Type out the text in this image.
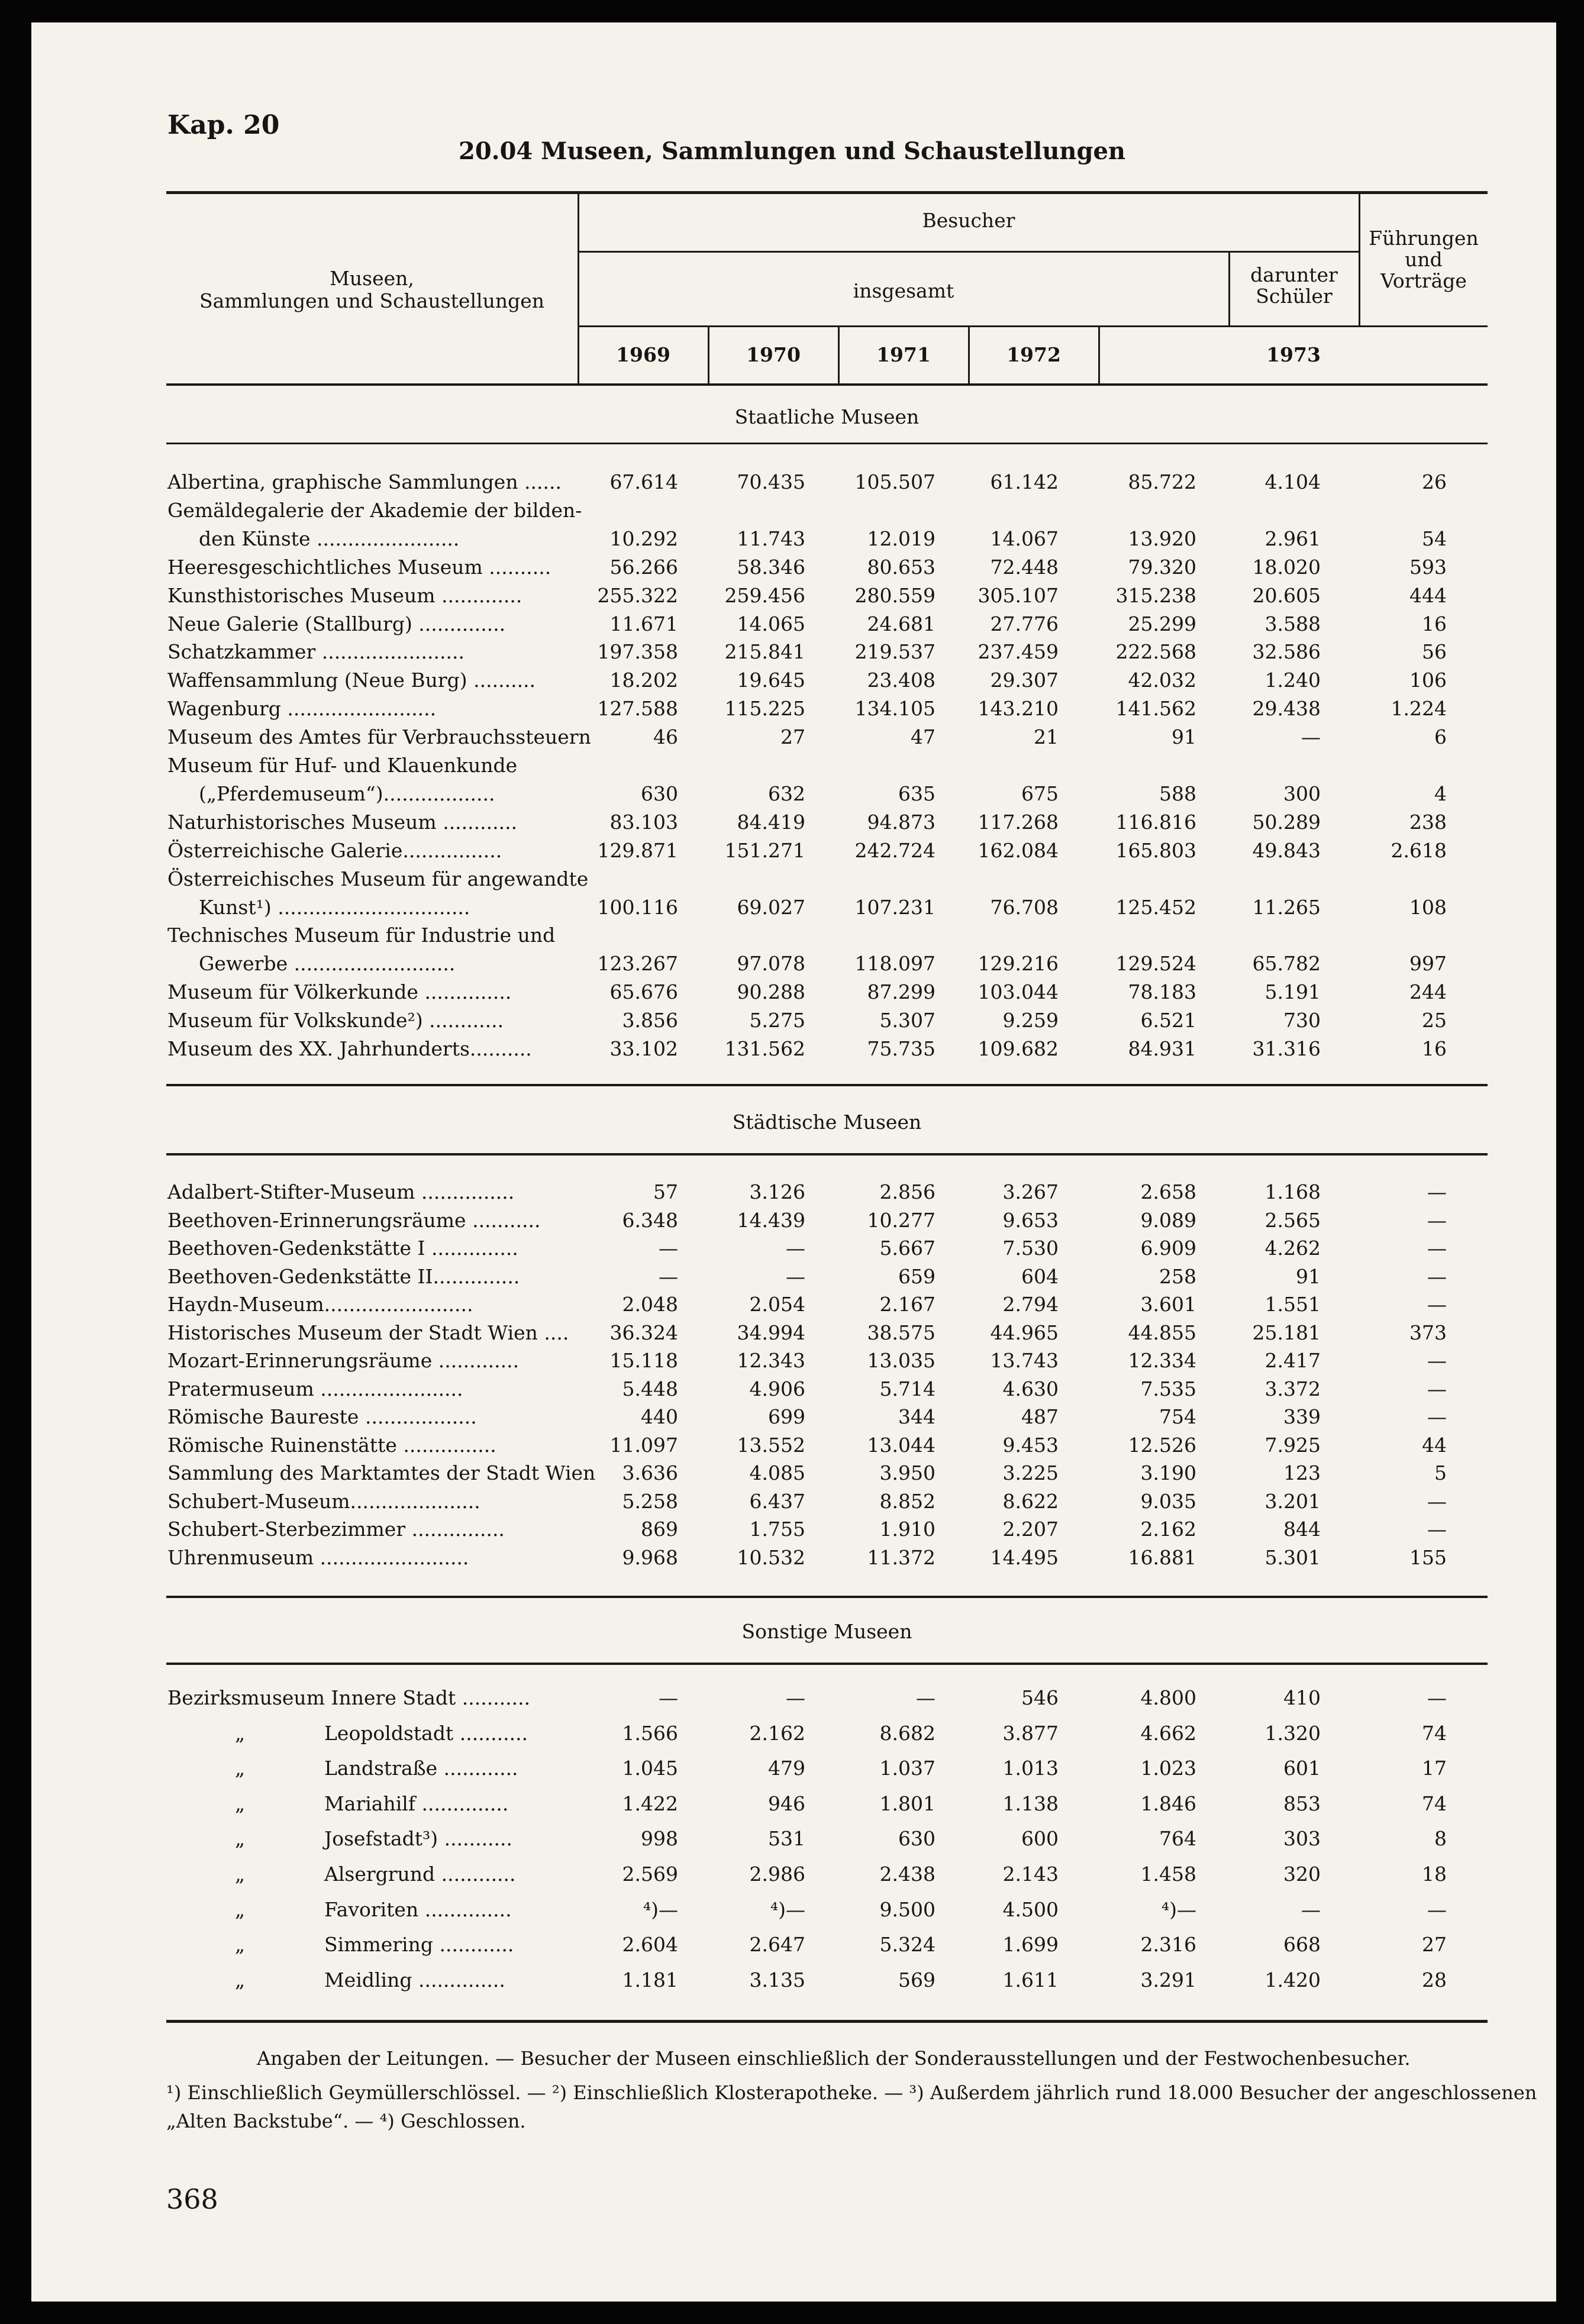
Kap. 20
20.04 Museen, Sammlungen und Schaustellungen
Museen,
Sammlungen und Schaustellungen
Besucher
insgesamt
darunter
Schüler
Führungen
und
Vorträge
1969	1970	1971	1972	1973
Staatliche Museen
Albertina, graphische Sammlungen ...... 67.614	70.435	105.507	61.142	85.722	4.104	26
Gemäldegalerie der Akademie der bilden-
den Künste .......................	10.292	11.743	12.019	14.067	13.920	2.961	54
Heeresgeschichtliches Museum ..........	56.266	58.346	80.653	72.448	79.320	18.020	593
Kunsthistorisches Museum .............	255.322 259.456	280.559 305.107	315.238	20.605	444
Neue Galerie (Stallburg) ..............	11.671	14.065	24.681	27.776	25.299	3.588	16
Schatzkammer .......................	197.358 215.841	219.537 237.459	222.568	32.586	56
Waffensammlung (Neue Burg) ..........	18.202	19.645	23.408	29.307	42.032	1.240	106
Wagenburg ........................	127.588 115.225	134.105 143.210	141.562	29.438	1.224
Museum des Amtes für Verbrauchssteuern	46	27	47	21	91	—	6
Museum für Huf- und Klauenkunde
(„Pferdemuseum“)..................	630	632	635	675	588	300	4
Naturhistorisches Museum ............	83.103	84.419	94.873 117.268	116.816	50.289	238
Österreichische Galerie................	129.871 151.271	242.724 162.084	165.803	49.843	2.618
Österreichisches Museum für angewandte
Kunst¹) ...............................	100.116	69.027	107.231	76.708	125.452	11.265	108
Technisches Museum für Industrie und
Gewerbe ..........................	123.267	97.078	118.097 129.216	129.524	65.782	997
Museum für Völkerkunde ..............	65.676	90.288	87.299 103.044	78.183	5.191	244
Museum für Volkskunde²) ............	3.856	5.275	5.307	9.259	6.521	730	25
Museum des XX. Jahrhunderts..........	33.102 131.562	75.735 109.682	84.931	31.316	16
Städtische Museen
Adalbert-Stifter-Museum ...............	57	3.126	2.856	3.267	2.658	1.168	—
Beethoven-Erinnerungsräume ...........	6.348	14.439	10.277	9.653	9.089	2.565	—
Beethoven-Gedenkstätte I ..............	—	—	5.667	7.530	6.909	4.262	—
Beethoven-Gedenkstätte II..............	—	—	659	604	258	91	—
Haydn-Museum........................	2.048	2.054	2.167	2.794	3.601	1.551	—
Historisches Museum der Stadt Wien .... 36.324	34.994	38.575	44.965	44.855	25.181	373
Mozart-Erinnerungsräume .............	15.118	12.343	13.035	13.743	12.334	2.417	—
Pratermuseum .......................	5.448	4.906	5.714	4.630	7.535	3.372	—
Römische Baureste ..................	440	699	344	487	754	339	—
Römische Ruinenstätte ...............	11.097	13.552	13.044	9.453	12.526	7.925	44
Sammlung des Marktamtes der Stadt Wien 3.636	4.085	3.950	3.225	3.190	123	5
Schubert-Museum.....................	5.258	6.437	8.852	8.622	9.035	3.201	—
Schubert-Sterbezimmer ...............	869	1.755	1.910	2.207	2.162	844	—
Uhrenmuseum ........................	9.968	10.532	11.372	14.495	16.881	5.301	155
Sonstige Museen
Bezirksmuseum Innere Stadt ...........	—	—	—	546	4.800	410	—
„	Leopoldstadt ...........	1.566	2.162	8.682	3.877	4.662	1.320	74
„	Landstraße ............	1.045	479	1.037	1.013	1.023	601	17
„	Mariahilf ..............	1.422	946	1.801	1.138	1.846	853	74
„	Josefstadt³) ...........	998	531	630	600	764	303	8
„	Alsergrund ............	2.569	2.986	2.438	2.143	1.458	320	18
„	Favoriten ..............	⁴)—	⁴)—	9.500	4.500	⁴)—	—	—
„	Simmering ............	2.604	2.647	5.324	1.699	2.316	668	27
„	Meidling ..............	1.181	3.135	569	1.611	3.291	1.420	28
Angaben der Leitungen. — Besucher der Museen einschließlich der Sonderausstellungen und der Festwochenbesucher.
¹) Einschließlich Geymüllerschlössel. — ²) Einschließlich Klosterapotheke. — ³) Außerdem jährlich rund 18.000 Besucher der angeschlossenen
„Alten Backstube“. — ⁴) Geschlossen.
368
